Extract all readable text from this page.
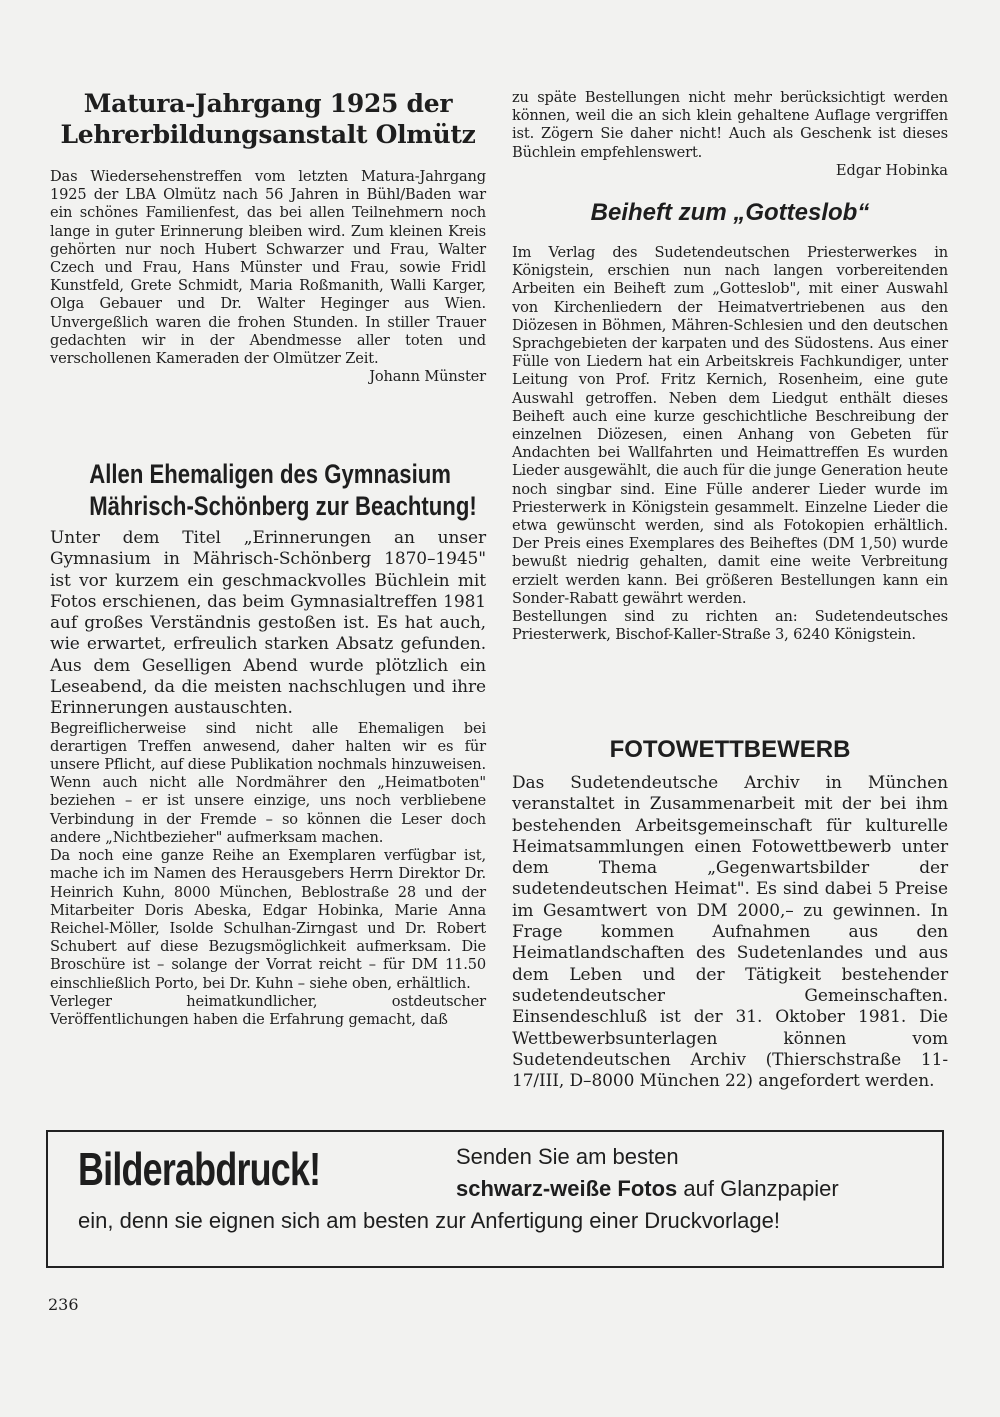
Matura-Jahrgang 1925 der
Lehrerbildungsanstalt Olmütz

Das Wiedersehenstreffen vom letzten Matura-Jahrgang 1925 der LBA Olmütz nach 56 Jahren in Bühl/Baden war ein schönes Familienfest, das bei allen Teilnehmern noch lange in guter Erinnerung bleiben wird. Zum kleinen Kreis gehörten nur noch Hubert Schwarzer und Frau, Walter Czech und Frau, Hans Münster und Frau, sowie Fridl Kunstfeld, Grete Schmidt, Maria Roßmanith, Walli Karger, Olga Gebauer und Dr. Walter Heginger aus Wien. Unvergeßlich waren die frohen Stunden. In stiller Trauer gedachten wir in der Abendmesse aller toten und verschollenen Kameraden der Olmützer Zeit.
Johann Münster

Allen Ehemaligen des Gymnasium
Mährisch-Schönberg zur Beachtung!

Unter dem Titel „Erinnerungen an unser Gymnasium in Mährisch-Schönberg 1870–1945" ist vor kurzem ein geschmackvolles Büchlein mit Fotos erschienen, das beim Gymnasialtreffen 1981 auf großes Verständnis gestoßen ist. Es hat auch, wie erwartet, erfreulich starken Absatz gefunden. Aus dem Geselligen Abend wurde plötzlich ein Leseabend, da die meisten nachschlugen und ihre Erinnerungen austauschten.

Begreiflicherweise sind nicht alle Ehemaligen bei derartigen Treffen anwesend, daher halten wir es für unsere Pflicht, auf diese Publikation nochmals hinzuweisen. Wenn auch nicht alle Nordmährer den „Heimatboten" beziehen – er ist unsere einzige, uns noch verbliebene Verbindung in der Fremde – so können die Leser doch andere „Nichtbezieher" aufmerksam machen.

Da noch eine ganze Reihe an Exemplaren verfügbar ist, mache ich im Namen des Herausgebers Herrn Direktor Dr. Heinrich Kuhn, 8000 München, Beblostraße 28 und der Mitarbeiter Doris Abeska, Edgar Hobinka, Marie Anna Reichel-Möller, Isolde Schulhan-Zirngast und Dr. Robert Schubert auf diese Bezugsmöglichkeit aufmerksam. Die Broschüre ist – solange der Vorrat reicht – für DM 11.50 einschließlich Porto, bei Dr. Kuhn – siehe oben, erhältlich.

Verleger heimatkundlicher, ostdeutscher Veröffentlichungen haben die Erfahrung gemacht, daß

zu späte Bestellungen nicht mehr berücksichtigt werden können, weil die an sich klein gehaltene Auflage vergriffen ist. Zögern Sie daher nicht! Auch als Geschenk ist dieses Büchlein empfehlenswert.

Edgar Hobinka

Beiheft zum „Gotteslob“

Im Verlag des Sudetendeutschen Priesterwerkes in Königstein, erschien nun nach langen vorbereitenden Arbeiten ein Beiheft zum „Gotteslob", mit einer Auswahl von Kirchenliedern der Heimatvertriebenen aus den Diözesen in Böhmen, Mähren-Schlesien und den deutschen Sprachgebieten der karpaten und des Südostens. Aus einer Fülle von Liedern hat ein Arbeitskreis Fachkundiger, unter Leitung von Prof. Fritz Kernich, Rosenheim, eine gute Auswahl getroffen. Neben dem Liedgut enthält dieses Beiheft auch eine kurze geschichtliche Beschreibung der einzelnen Diözesen, einen Anhang von Gebeten für Andachten bei Wallfahrten und Heimattreffen Es wurden Lieder ausgewählt, die auch für die junge Generation heute noch singbar sind. Eine Fülle anderer Lieder wurde im Priesterwerk in Königstein gesammelt. Einzelne Lieder die etwa gewünscht werden, sind als Fotokopien erhältlich. Der Preis eines Exemplares des Beiheftes (DM 1,50) wurde bewußt niedrig gehalten, damit eine weite Verbreitung erzielt werden kann. Bei größeren Bestellungen kann ein Sonder-Rabatt gewährt werden.

Bestellungen sind zu richten an: Sudetendeutsches Priesterwerk, Bischof-Kaller-Straße 3, 6240 Königstein.

FOTOWETTBEWERB

Das Sudetendeutsche Archiv in München veranstaltet in Zusammenarbeit mit der bei ihm bestehenden Arbeitsgemeinschaft für kulturelle Heimatsammlungen einen Fotowettbewerb unter dem Thema „Gegenwartsbilder der sudetendeutschen Heimat". Es sind dabei 5 Preise im Gesamtwert von DM 2000,– zu gewinnen. In Frage kommen Aufnahmen aus den Heimatlandschaften des Sudetenlandes und aus dem Leben und der Tätigkeit bestehender sudetendeutscher Gemeinschaften. Einsendeschluß ist der 31. Oktober 1981. Die Wettbewerbsunterlagen können vom Sudetendeutschen Archiv (Thierschstraße 11-17/III, D–8000 München 22) angefordert werden.

Bilderabdruck!	Senden Sie am besten
schwarz-weiße Fotos auf Glanzpapier
ein, denn sie eignen sich am besten zur Anfertigung einer Druckvorlage!
236
